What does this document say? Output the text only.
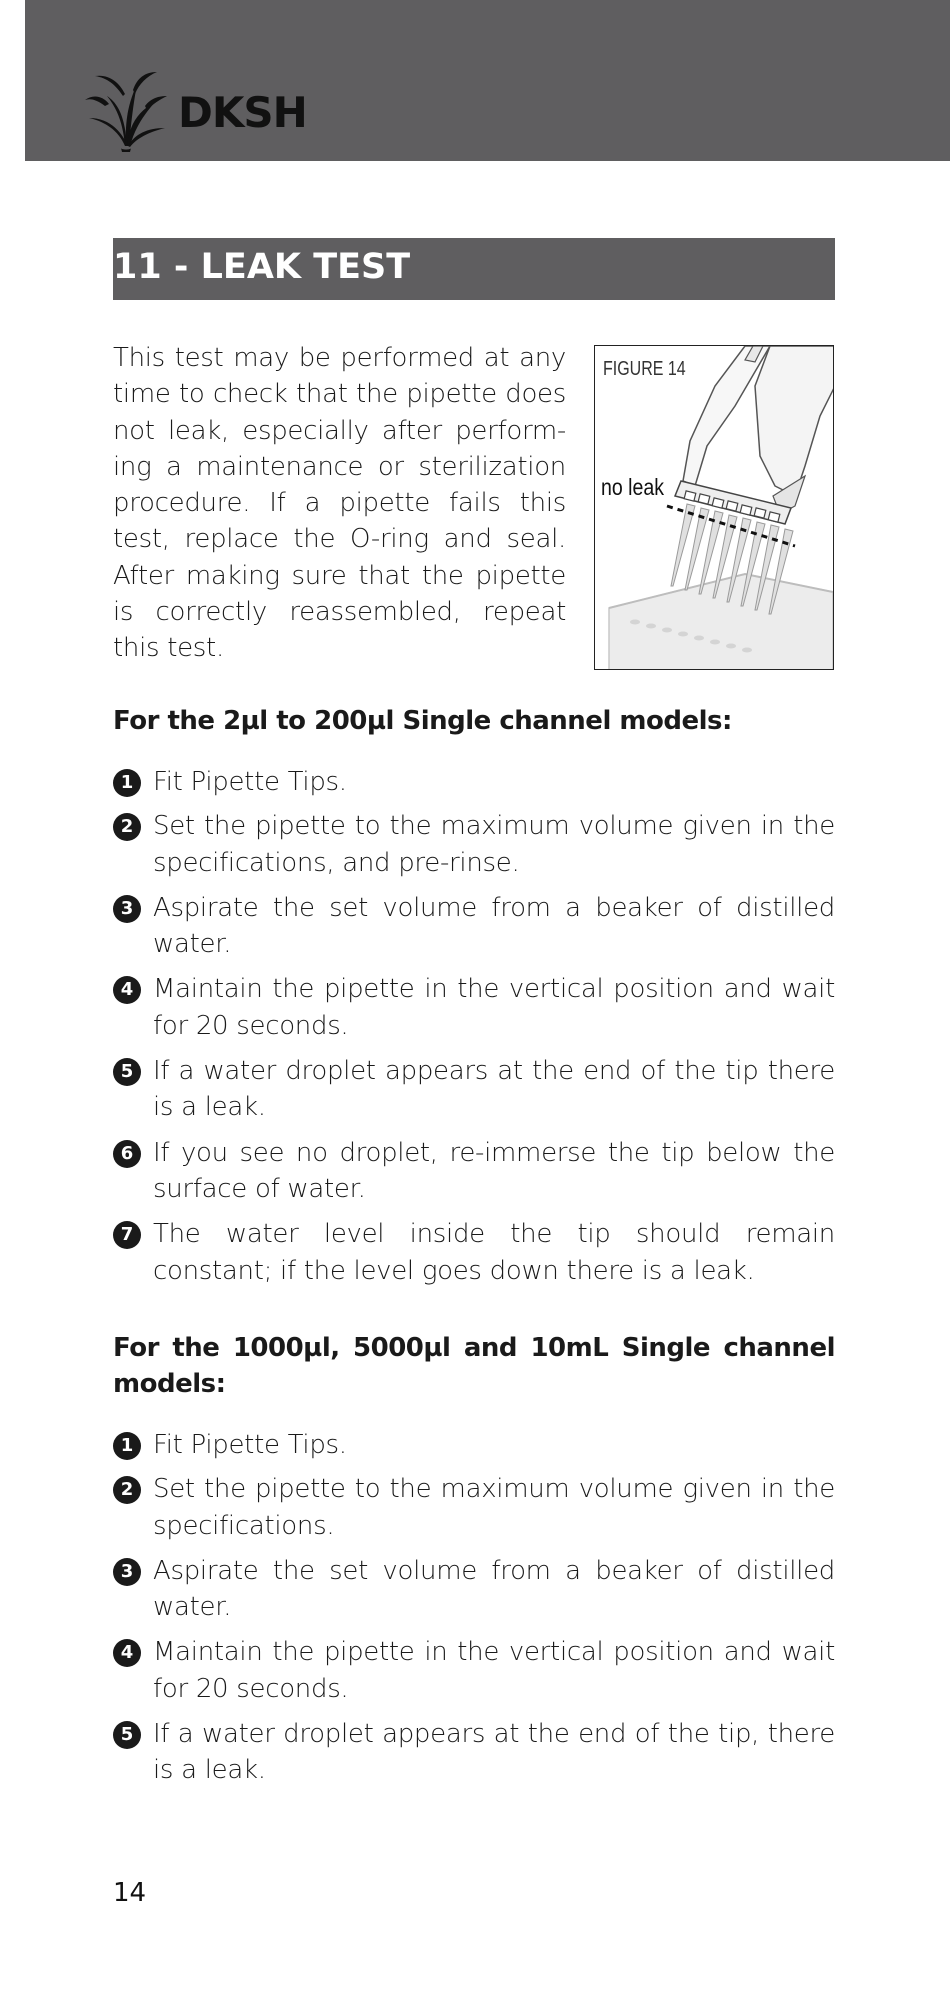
DKSH
11 - LEAK TEST

This test may be performed at any time to check that the pipette does not leak, especially after perform-ing a maintenance or sterilization procedure. If a pipette fails this test, replace the O-ring and seal. After making sure that the pipette is correctly reassembled, repeat this test.

FIGURE 14
no leak
For the 2µl to 200µl Single channel models:
1 Fit Pipette Tips.
2 Set the pipette to the maximum volume given in the specifications, and pre-rinse.
3 Aspirate the set volume from a beaker of distilled water.
4 Maintain the pipette in the vertical position and wait for 20 seconds.
5 If a water droplet appears at the end of the tip there is a leak.
6 If you see no droplet, re-immerse the tip below the surface of water.
7 The water level inside the tip should remain constant; if the level goes down there is a leak.
For the 1000µl, 5000µl and 10mL Single channel models:
1 Fit Pipette Tips.
2 Set the pipette to the maximum volume given in the specifications.
3 Aspirate the set volume from a beaker of distilled water.
4 Maintain the pipette in the vertical position and wait for 20 seconds.
5 If a water droplet appears at the end of the tip, there is a leak.
14
